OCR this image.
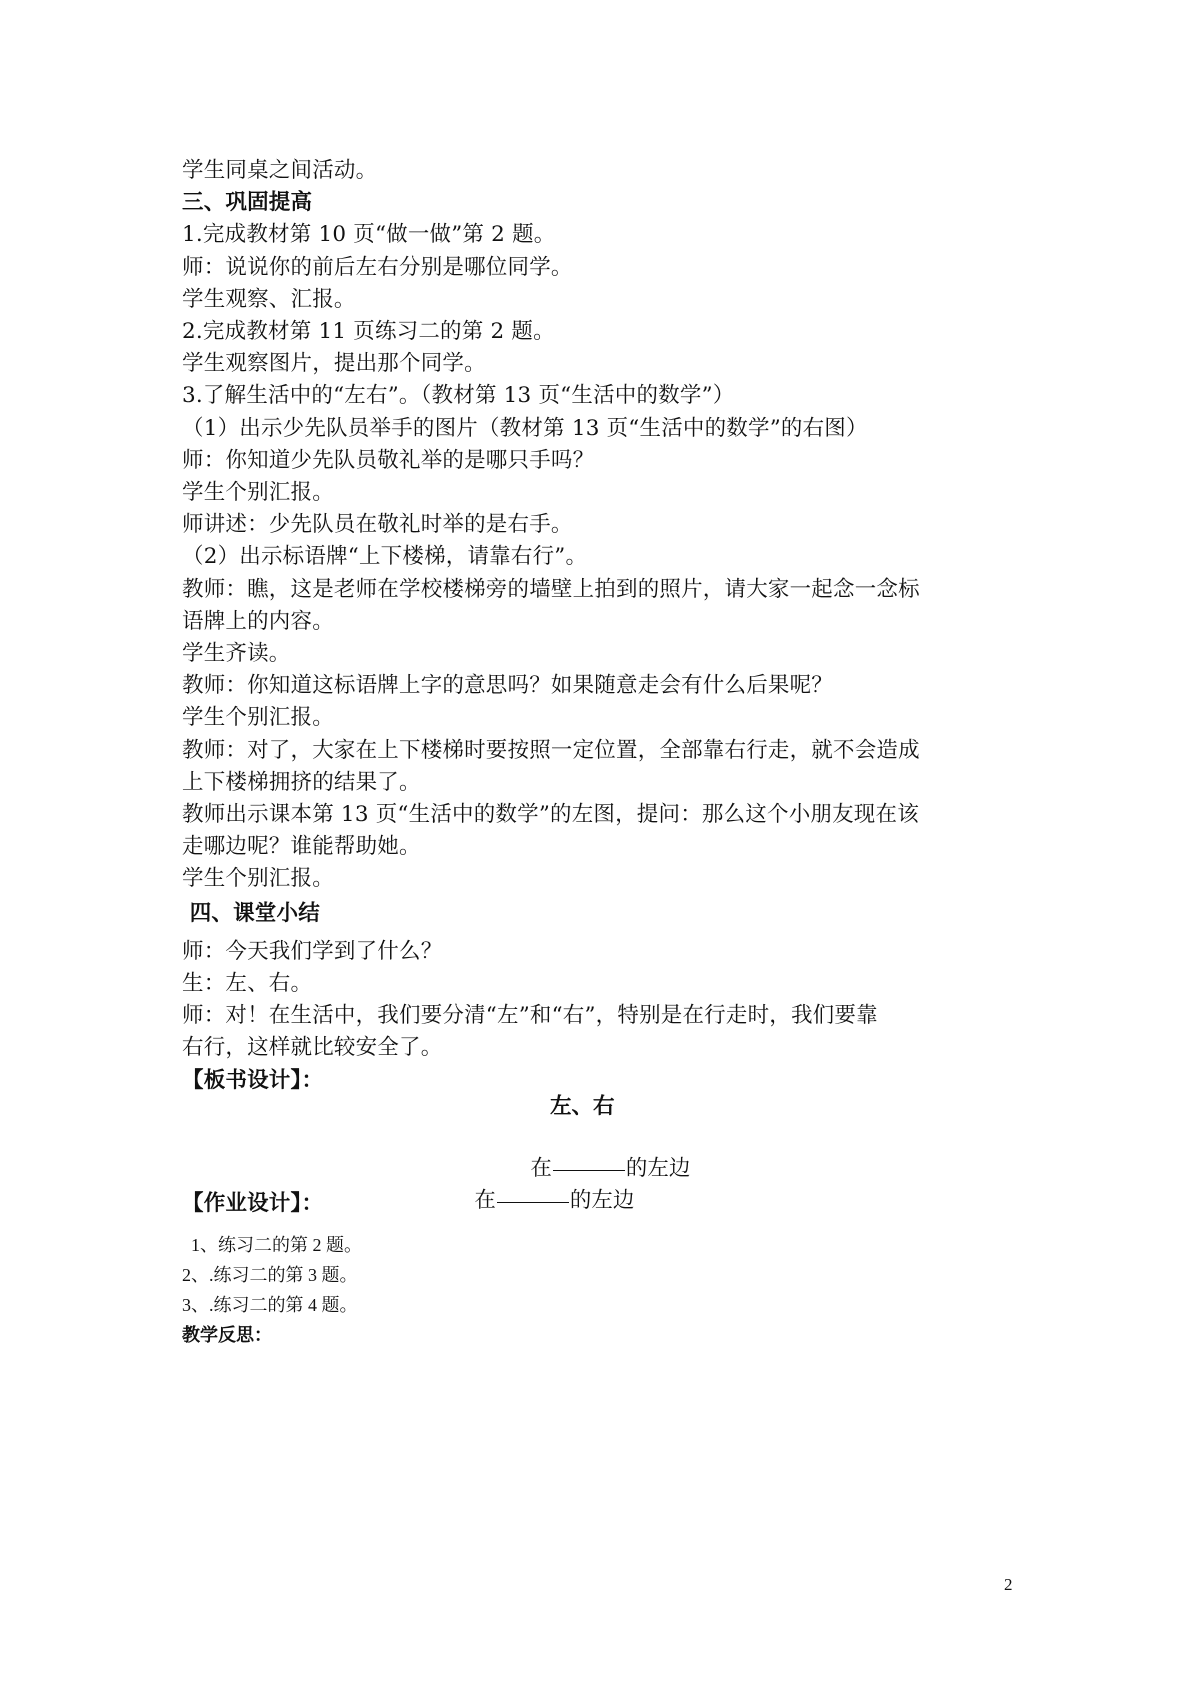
学生同桌之间活动。
三、巩固提高
1.完成教材第 10 页“做一做”第 2 题。
师：说说你的前后左右分别是哪位同学。
学生观察、汇报。
2.完成教材第 11 页练习二的第 2 题。
学生观察图片，提出那个同学。
3.了解生活中的“左右”。（教材第 13 页“生活中的数学”）
（1）出示少先队员举手的图片（教材第 13 页“生活中的数学”的右图）
师：你知道少先队员敬礼举的是哪只手吗？
学生个别汇报。
师讲述：少先队员在敬礼时举的是右手。
（2）出示标语牌“上下楼梯，请靠右行”。
教师：瞧，这是老师在学校楼梯旁的墙壁上拍到的照片，请大家一起念一念标
语牌上的内容。
学生齐读。
教师：你知道这标语牌上字的意思吗？如果随意走会有什么后果呢？
学生个别汇报。
教师：对了，大家在上下楼梯时要按照一定位置，全部靠右行走，就不会造成
上下楼梯拥挤的结果了。
教师出示课本第 13 页“生活中的数学”的左图，提问：那么这个小朋友现在该
走哪边呢？谁能帮助她。
学生个别汇报。
四、课堂小结
师：今天我们学到了什么？
生：左、右。
师：对！在生活中，我们要分清“左”和“右”，特别是在行走时，我们要靠
右行，这样就比较安全了。
【板书设计】：
左、右

在	的左边

在	的左边

【作业设计】：
1、练习二的第 2 题。
2、.练习二的第 3 题。
3、.练习二的第 4 题。
教学反思：
2
